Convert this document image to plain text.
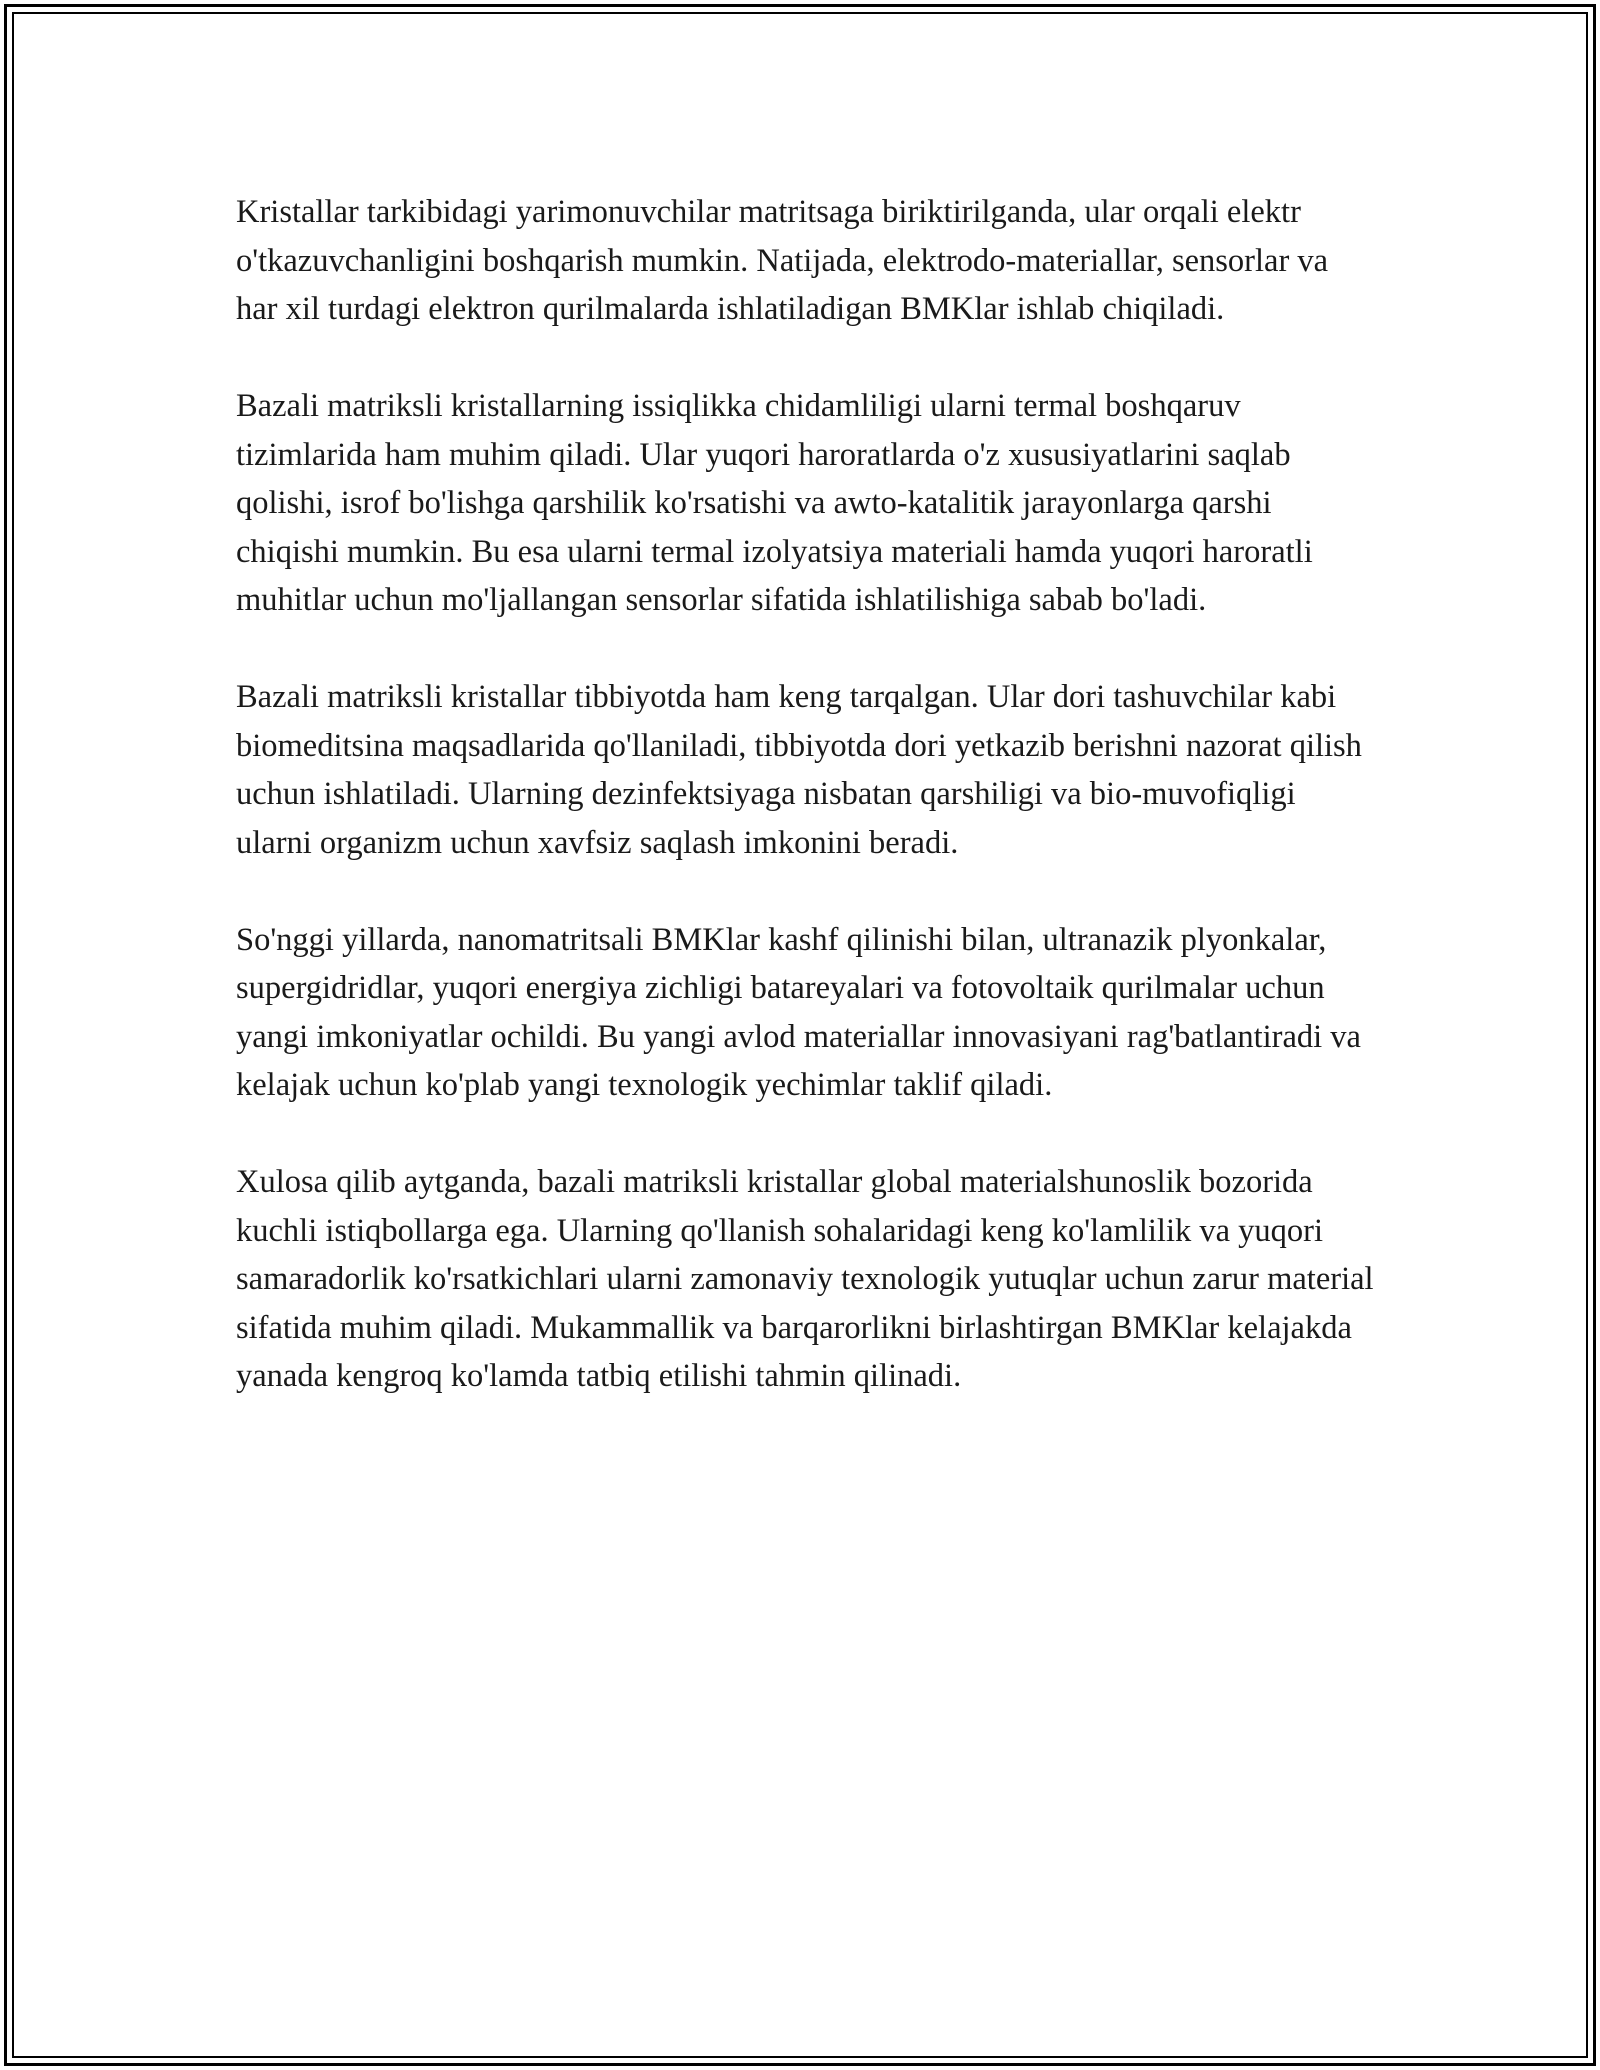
Kristallar tarkibidagi yarimonuvchilar matritsaga biriktirilganda, ular orqali elektr o'tkazuvchanligini boshqarish mumkin. Natijada, elektrodo-materiallar, sensorlar va har xil turdagi elektron qurilmalarda ishlatiladigan BMKlar ishlab chiqiladi.

Bazali matriksli kristallarning issiqlikka chidamliligi ularni termal boshqaruv tizimlarida ham muhim qiladi. Ular yuqori haroratlarda o'z xususiyatlarini saqlab qolishi, isrof bo'lishga qarshilik ko'rsatishi va awto-katalitik jarayonlarga qarshi chiqishi mumkin. Bu esa ularni termal izolyatsiya materiali hamda yuqori haroratli muhitlar uchun mo'ljallangan sensorlar sifatida ishlatilishiga sabab bo'ladi.

Bazali matriksli kristallar tibbiyotda ham keng tarqalgan. Ular dori tashuvchilar kabi biomeditsina maqsadlarida qo'llaniladi, tibbiyotda dori yetkazib berishni nazorat qilish uchun ishlatiladi. Ularning dezinfektsiyaga nisbatan qarshiligi va bio-muvofiqligi ularni organizm uchun xavfsiz saqlash imkonini beradi.

So'nggi yillarda, nanomatritsali BMKlar kashf qilinishi bilan, ultranazik plyonkalar, supergidridlar, yuqori energiya zichligi batareyalari va fotovoltaik qurilmalar uchun yangi imkoniyatlar ochildi. Bu yangi avlod materiallar innovasiyani rag'batlantiradi va kelajak uchun ko'plab yangi texnologik yechimlar taklif qiladi.

Xulosa qilib aytganda, bazali matriksli kristallar global materialshunoslik bozorida kuchli istiqbollarga ega. Ularning qo'llanish sohalaridagi keng ko'lamlilik va yuqori samaradorlik ko'rsatkichlari ularni zamonaviy texnologik yutuqlar uchun zarur material sifatida muhim qiladi. Mukammallik va barqarorlikni birlashtirgan BMKlar kelajakda yanada kengroq ko'lamda tatbiq etilishi tahmin qilinadi.
